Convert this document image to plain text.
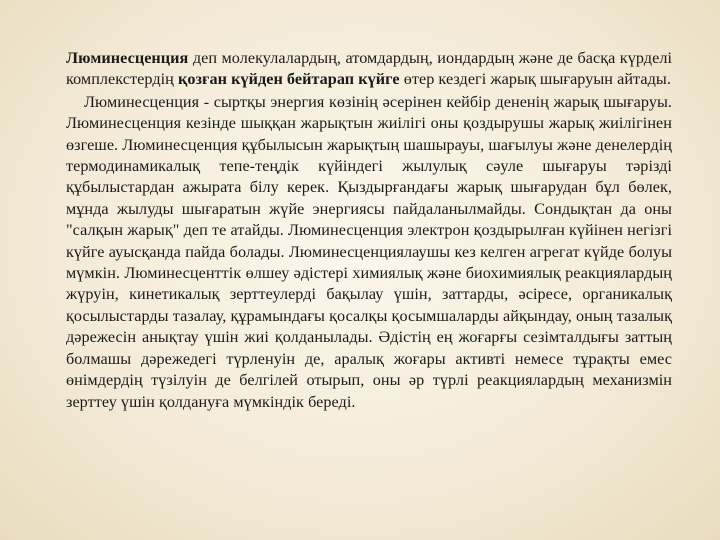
Люминесценция деп молекулалардың, атомдардың, иондардың және де басқа күрделі комплекстердің қозған күйден бейтарап күйге өтер кездегі жарық шығаруын айтады.

Люминесценция - сыртқы энергия көзінің әсерінен кейбір дененің жарық шығаруы. Люминесценция кезінде шыққан жарықтын жиілігі оны қоздырушы жарық жиілігінен өзгеше. Люминесценция құбылысын жарықтың шашырауы, шағылуы және денелердің термодинамикалық тепе-теңдік күйіндегі жылулық сәуле шығаруы тәрізді құбылыстардан ажырата білу керек. Қыздырғандағы жарық шығарудан бұл бөлек, мұнда жылуды шығаратын жүйе энергиясы пайдаланылмайды. Сондықтан да оны "салқын жарық" деп те атайды. Люминесценция электрон қоздырылған күйінен негізгі күйге ауысқанда пайда болады. Люминесценциялаушы кез келген агрегат күйде болуы мүмкін. Люминесценттік өлшеу әдістері химиялық және биохимиялық реакциялардың жүруін, кинетикалық зерттеулерді бақылау үшін, заттарды, әсіресе, органикалық қосылыстарды тазалау, құрамындағы қосалқы қосымшаларды айқындау, оның тазалық дәрежесін анықтау үшін жиі қолданылады. Әдістің ең жоғарғы сезімталдығы заттың болмашы дәрежедегі түрленуін де, аралық жоғары активті немесе тұрақты емес өнімдердің түзілуін де белгілей отырып, оны әр түрлі реакциялардың механизмін зерттеу үшін қолдануға мүмкіндік береді.
